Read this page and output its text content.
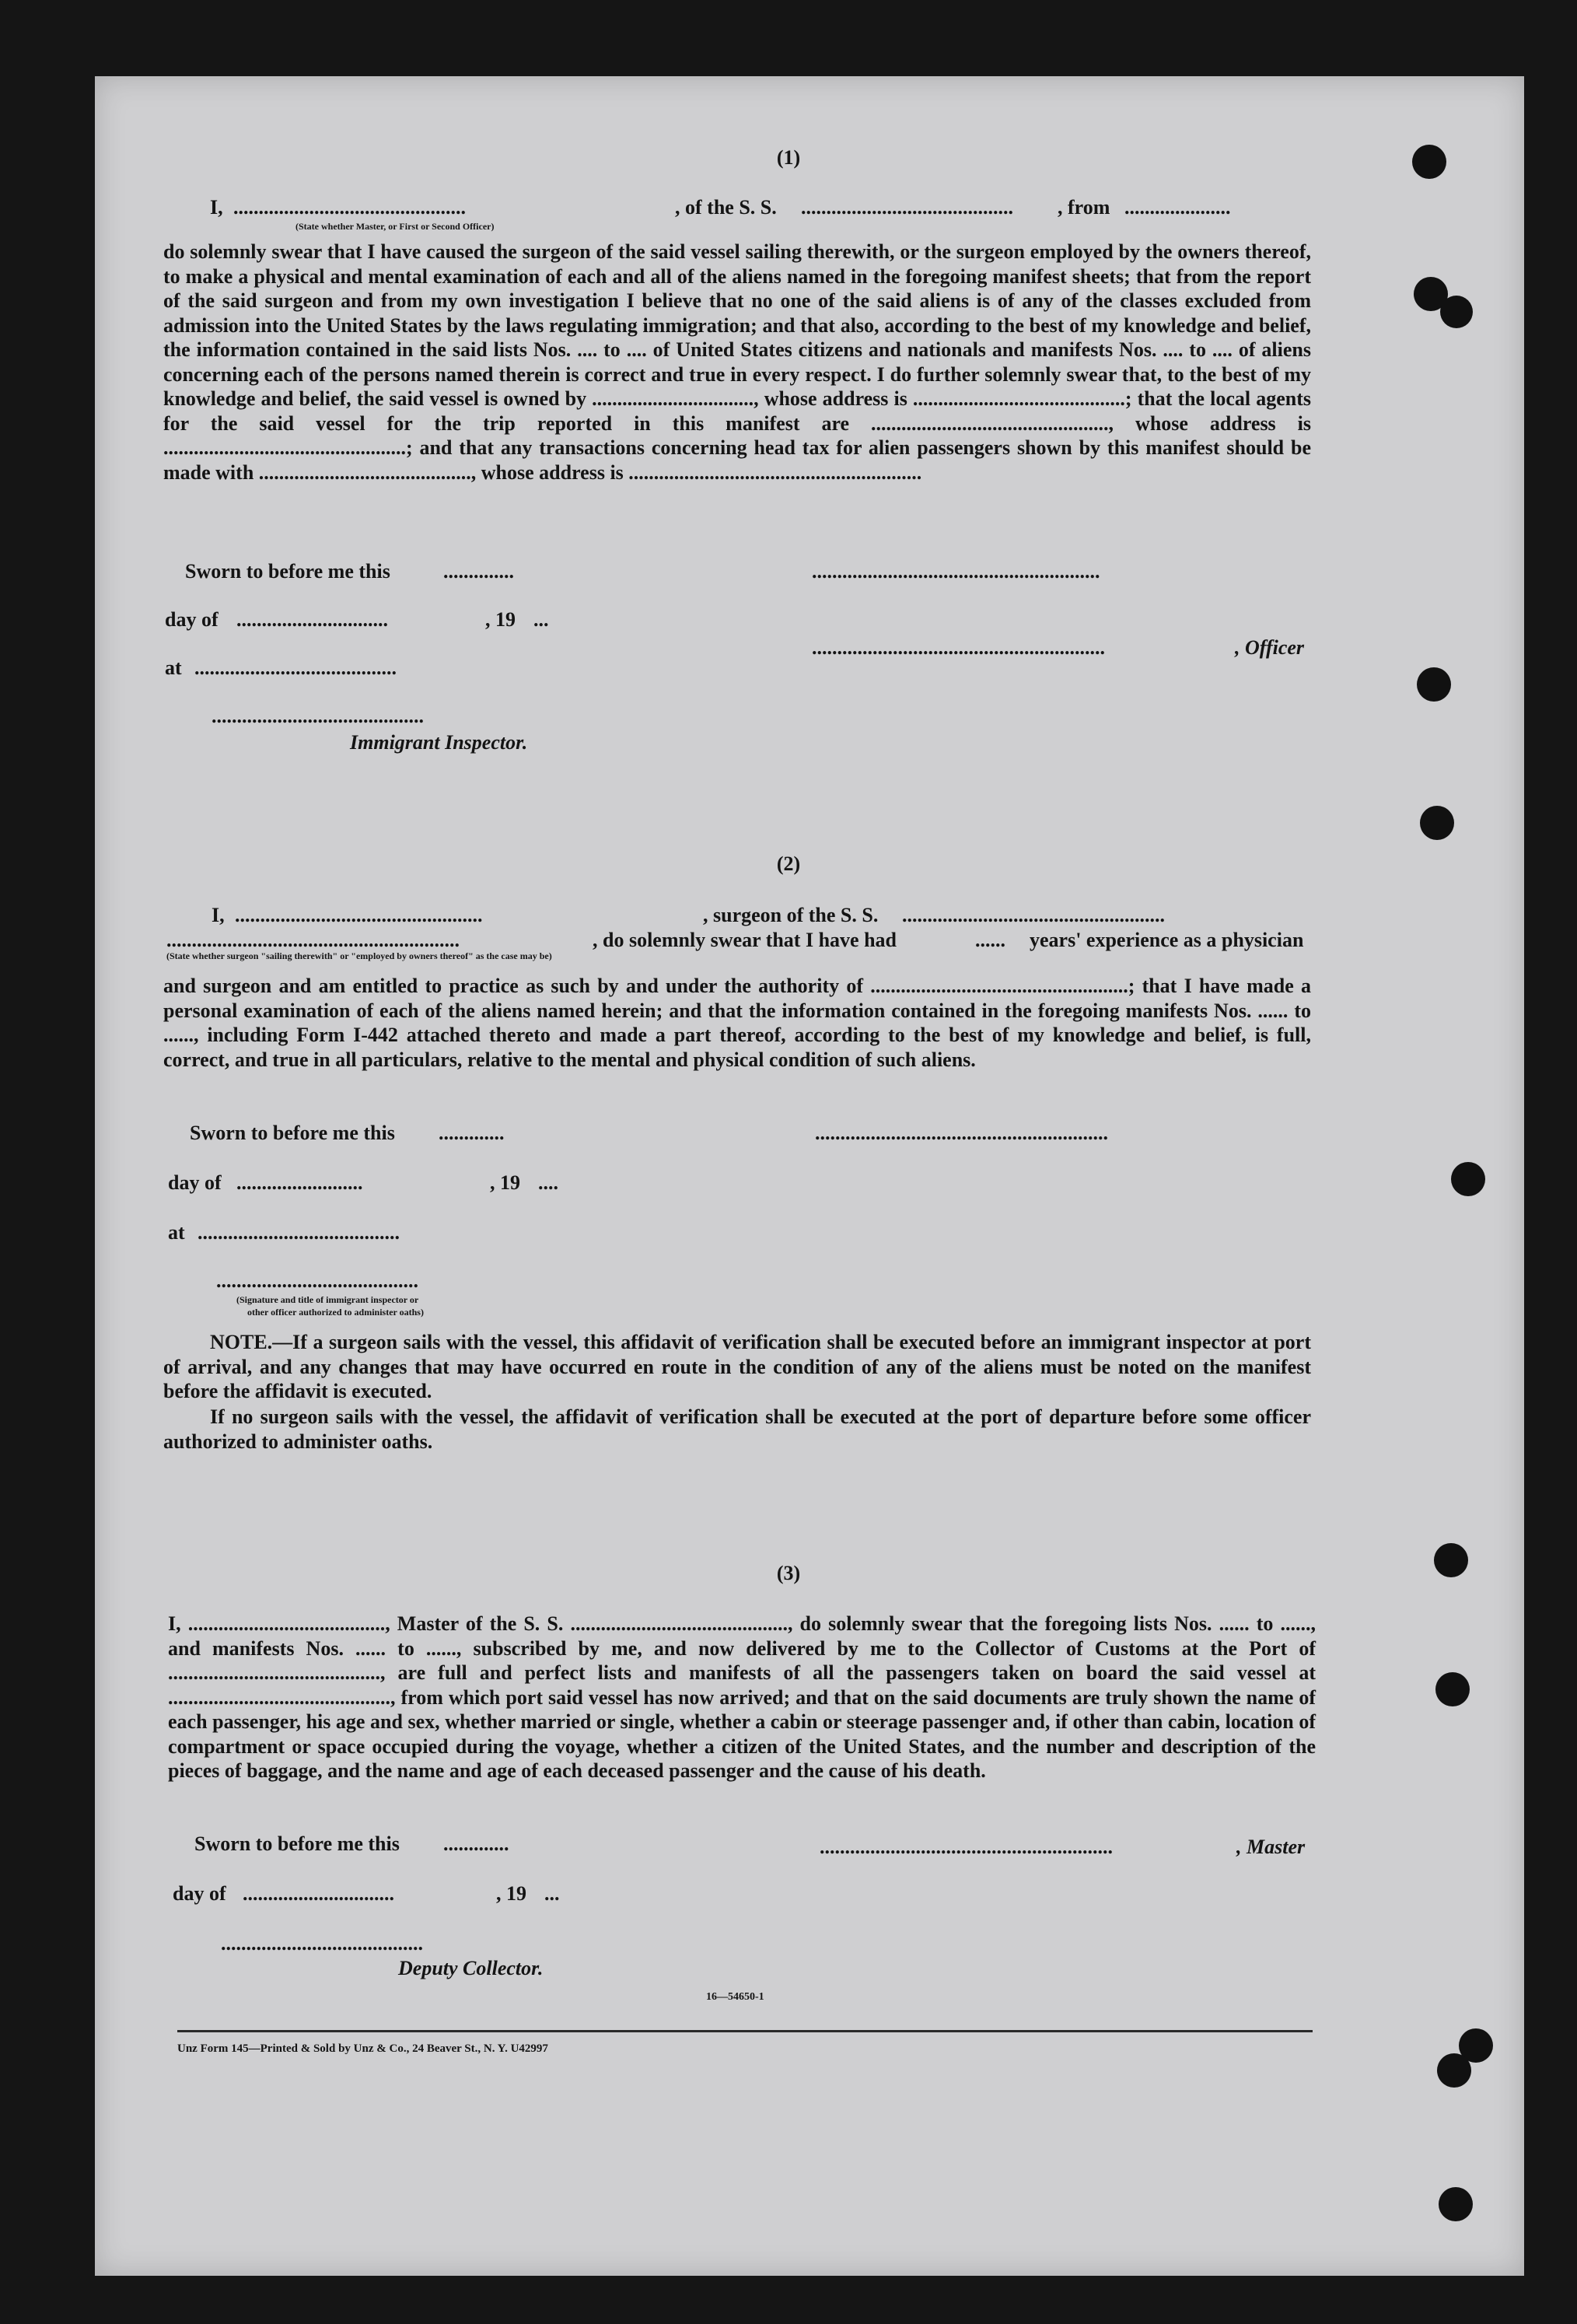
(1)
I, ..............................................	, of the S. S. .......................................... , from .....................
(State whether Master, or First or Second Officer)
do solemnly swear that I have caused the surgeon of the said vessel sailing therewith, or the surgeon employed by the owners thereof, to make a physical and mental examination of each and all of the aliens named in the foregoing manifest sheets; that from the report of the said surgeon and from my own investigation I believe that no one of the said aliens is of any of the classes excluded from admission into the United States by the laws regulating immigration; and that also, according to the best of my knowledge and belief, the information contained in the said lists Nos. .... to .... of United States citizens and nationals and manifests Nos. .... to .... of aliens concerning each of the persons named therein is correct and true in every respect. I do further solemnly swear that, to the best of my knowledge and belief, the said vessel is owned by ................................, whose address is ..........................................; that the local agents for the said vessel for the trip reported in this manifest are ..............................................., whose address is ................................................; and that any transactions concerning head tax for alien passengers shown by this manifest should be made with .........................................., whose address is ..........................................................
Sworn to before me this	..............	.........................................................
day of ..............................	, 19 ...
..........................................................	, Officer
at ........................................
..........................................
Immigrant Inspector.
(2)
I, .................................................	, surgeon of the S. S. ....................................................
..........................................................	, do solemnly swear that I have had	...... years' experience as a physician
(State whether surgeon "sailing therewith" or "employed by owners thereof" as the case may be)
and surgeon and am entitled to practice as such by and under the authority of ...................................................; that I have made a personal examination of each of the aliens named herein; and that the information contained in the foregoing manifests Nos. ...... to ......, including Form I-442 attached thereto and made a part thereof, according to the best of my knowledge and belief, is full, correct, and true in all particulars, relative to the mental and physical condition of such aliens.
Sworn to before me this .............	..........................................................
day of .........................	, 19 ....
at ........................................
........................................
(Signature and title of immigrant inspector or
other officer authorized to administer oaths)
NOTE.—If a surgeon sails with the vessel, this affidavit of verification shall be executed before an immigrant inspector at port of arrival, and any changes that may have occurred en route in the condition of any of the aliens must be noted on the manifest before the affidavit is executed.
If no surgeon sails with the vessel, the affidavit of verification shall be executed at the port of departure before some officer authorized to administer oaths.
(3)
I, ......................................., Master of the S. S. ..........................................., do solemnly swear that the foregoing lists Nos. ...... to ......, and manifests Nos. ...... to ......, subscribed by me, and now delivered by me to the Collector of Customs at the Port of .........................................., are full and perfect lists and manifests of all the passengers taken on board the said vessel at ............................................, from which port said vessel has now arrived; and that on the said documents are truly shown the name of each passenger, his age and sex, whether married or single, whether a cabin or steerage passenger and, if other than cabin, location of compartment or space occupied during the voyage, whether a citizen of the United States, and the number and description of the pieces of baggage, and the name and age of each deceased passenger and the cause of his death.
Sworn to before me this .............	..........................................................	, Master
day of ..............................	, 19 ...
........................................
Deputy Collector.
16—54650-1
Unz Form 145—Printed & Sold by Unz & Co., 24 Beaver St., N. Y. U42997
